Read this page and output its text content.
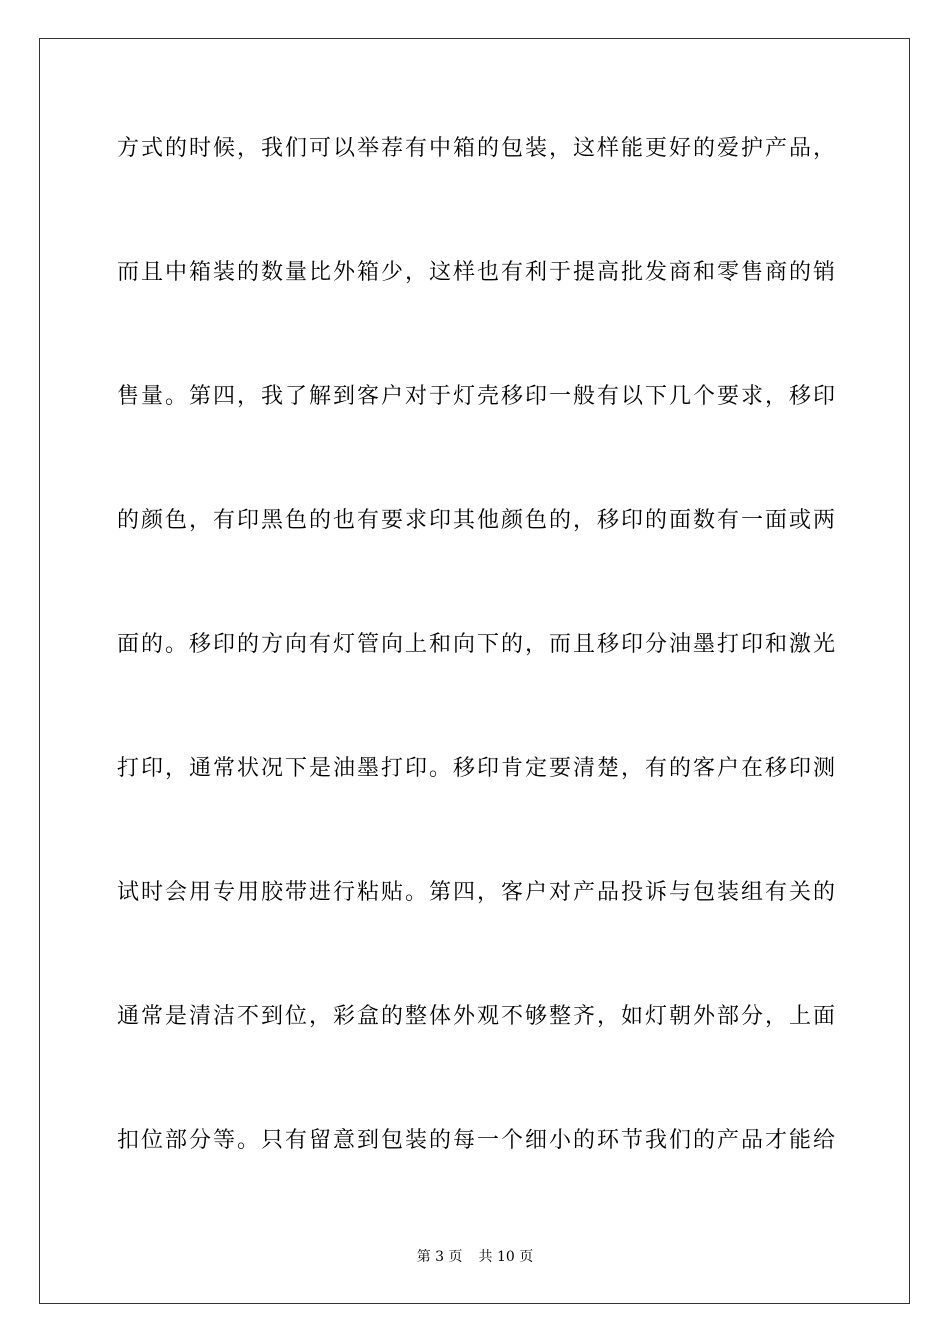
方式的时候，我们可以举荐有中箱的包装，这样能更好的爱护产品，
而且中箱装的数量比外箱少，这样也有利于提高批发商和零售商的销
售量。第四，我了解到客户对于灯壳移印一般有以下几个要求，移印
的颜色，有印黑色的也有要求印其他颜色的，移印的面数有一面或两
面的。移印的方向有灯管向上和向下的，而且移印分油墨打印和激光
打印，通常状况下是油墨打印。移印肯定要清楚，有的客户在移印测
试时会用专用胶带进行粘贴。第四，客户对产品投诉与包装组有关的
通常是清洁不到位，彩盒的整体外观不够整齐，如灯朝外部分，上面
扣位部分等。只有留意到包装的每一个细小的环节我们的产品才能给
第 3 页 共 10 页
